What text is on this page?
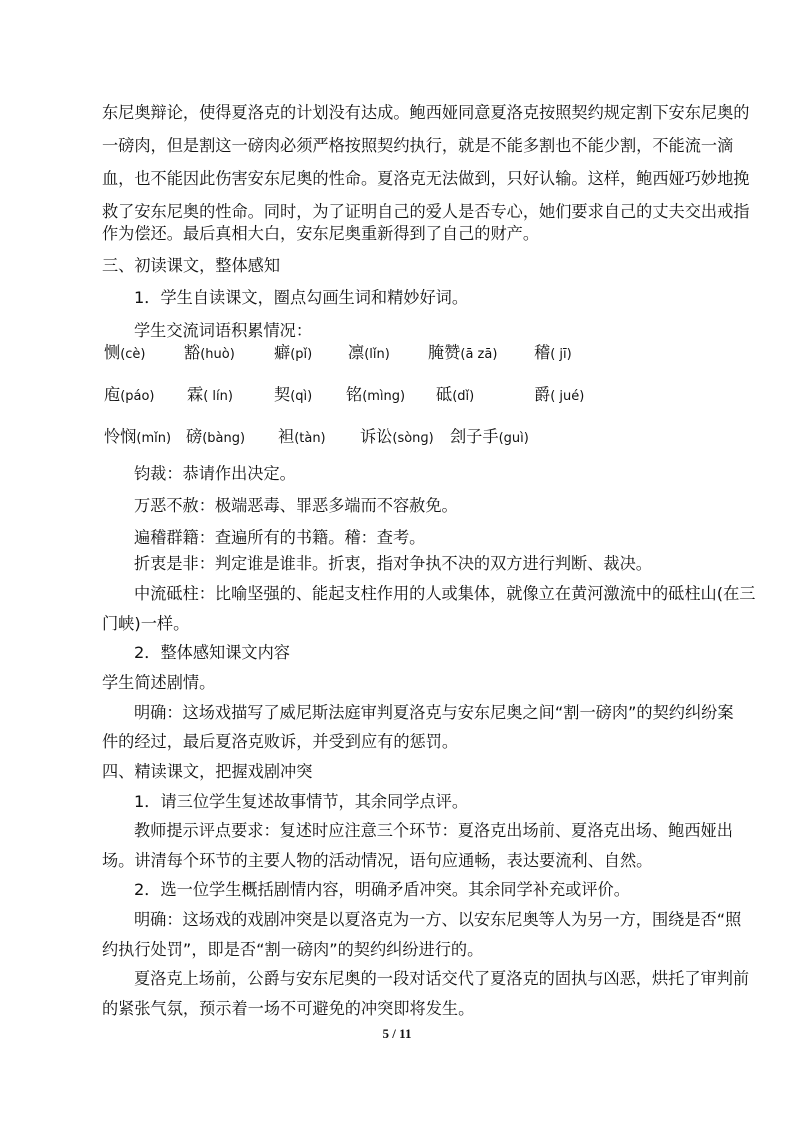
东尼奥辩论，使得夏洛克的计划没有达成。鲍西娅同意夏洛克按照契约规定割下安东尼奥的
一磅肉，但是割这一磅肉必须严格按照契约执行，就是不能多割也不能少割，不能流一滴
血，也不能因此伤害安东尼奥的性命。夏洛克无法做到，只好认输。这样，鲍西娅巧妙地挽
救了安东尼奥的性命。同时，为了证明自己的爱人是否专心，她们要求自己的丈夫交出戒指
作为偿还。最后真相大白，安东尼奥重新得到了自己的财产。
三、初读课文，整体感知
1．学生自读课文，圈点勾画生词和精妙好词。
学生交流词语积累情况：
恻(cè) 豁(huò) 癖(pǐ) 凛(lǐn) 腌赞(ā zā) 稽( jī)
庖(páo) 霖( lín)	契(qì) 铭(mìng) 砥(dǐ)	爵( jué)
怜悯(mǐn) 磅(bàng) 袒(tàn) 诉讼(sònɡ) 刽子手(guì)
钧裁：恭请作出决定。
万恶不赦：极端恶毒、罪恶多端而不容赦免。
遍稽群籍：查遍所有的书籍。稽：查考。
折衷是非：判定谁是谁非。折衷，指对争执不决的双方进行判断、裁决。
中流砥柱：比喻坚强的、能起支柱作用的人或集体，就像立在黄河激流中的砥柱山(在三
门峡)一样。
2．整体感知课文内容
学生简述剧情。
明确：这场戏描写了威尼斯法庭审判夏洛克与安东尼奥之间“割一磅肉”的契约纠纷案
件的经过，最后夏洛克败诉，并受到应有的惩罚。
四、精读课文，把握戏剧冲突
1．请三位学生复述故事情节，其余同学点评。
教师提示评点要求：复述时应注意三个环节：夏洛克出场前、夏洛克出场、鲍西娅出
场。讲清每个环节的主要人物的活动情况，语句应通畅，表达要流利、自然。
2．选一位学生概括剧情内容，明确矛盾冲突。其余同学补充或评价。
明确：这场戏的戏剧冲突是以夏洛克为一方、以安东尼奥等人为另一方，围绕是否“照
约执行处罚”，即是否“割一磅肉”的契约纠纷进行的。
夏洛克上场前，公爵与安东尼奥的一段对话交代了夏洛克的固执与凶恶，烘托了审判前
的紧张气氛，预示着一场不可避免的冲突即将发生。
5 / 11
